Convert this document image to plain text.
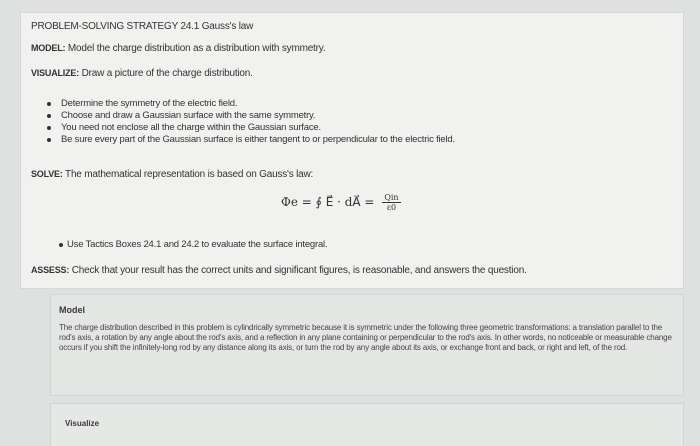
PROBLEM-SOLVING STRATEGY 24.1 Gauss's law
MODEL: Model the charge distribution as a distribution with symmetry.
VISUALIZE: Draw a picture of the charge distribution.
Determine the symmetry of the electric field.
Choose and draw a Gaussian surface with the same symmetry.
You need not enclose all the charge within the Gaussian surface.
Be sure every part of the Gaussian surface is either tangent to or perpendicular to the electric field.
SOLVE: The mathematical representation is based on Gauss's law:
Φe = ∮ E⃗ · dA⃗ = $\frac{\text{Qin}}{\varepsilon 0}$
Use Tactics Boxes 24.1 and 24.2 to evaluate the surface integral.
ASSESS: Check that your result has the correct units and significant figures, is reasonable, and answers the question.
Model

The charge distribution described in this problem is cylindrically symmetric because it is symmetric under the following three geometric transformations: a translation parallel to the rod's axis, a rotation by any angle about the rod's axis, and a reflection in any plane containing or perpendicular to the rod's axis. In other words, no noticeable or measurable change occurs if you shift the infinitely-long rod by any distance along its axis, or turn the rod by any angle about its axis, or exchange front and back, or right and left, of the rod.

Visualize
